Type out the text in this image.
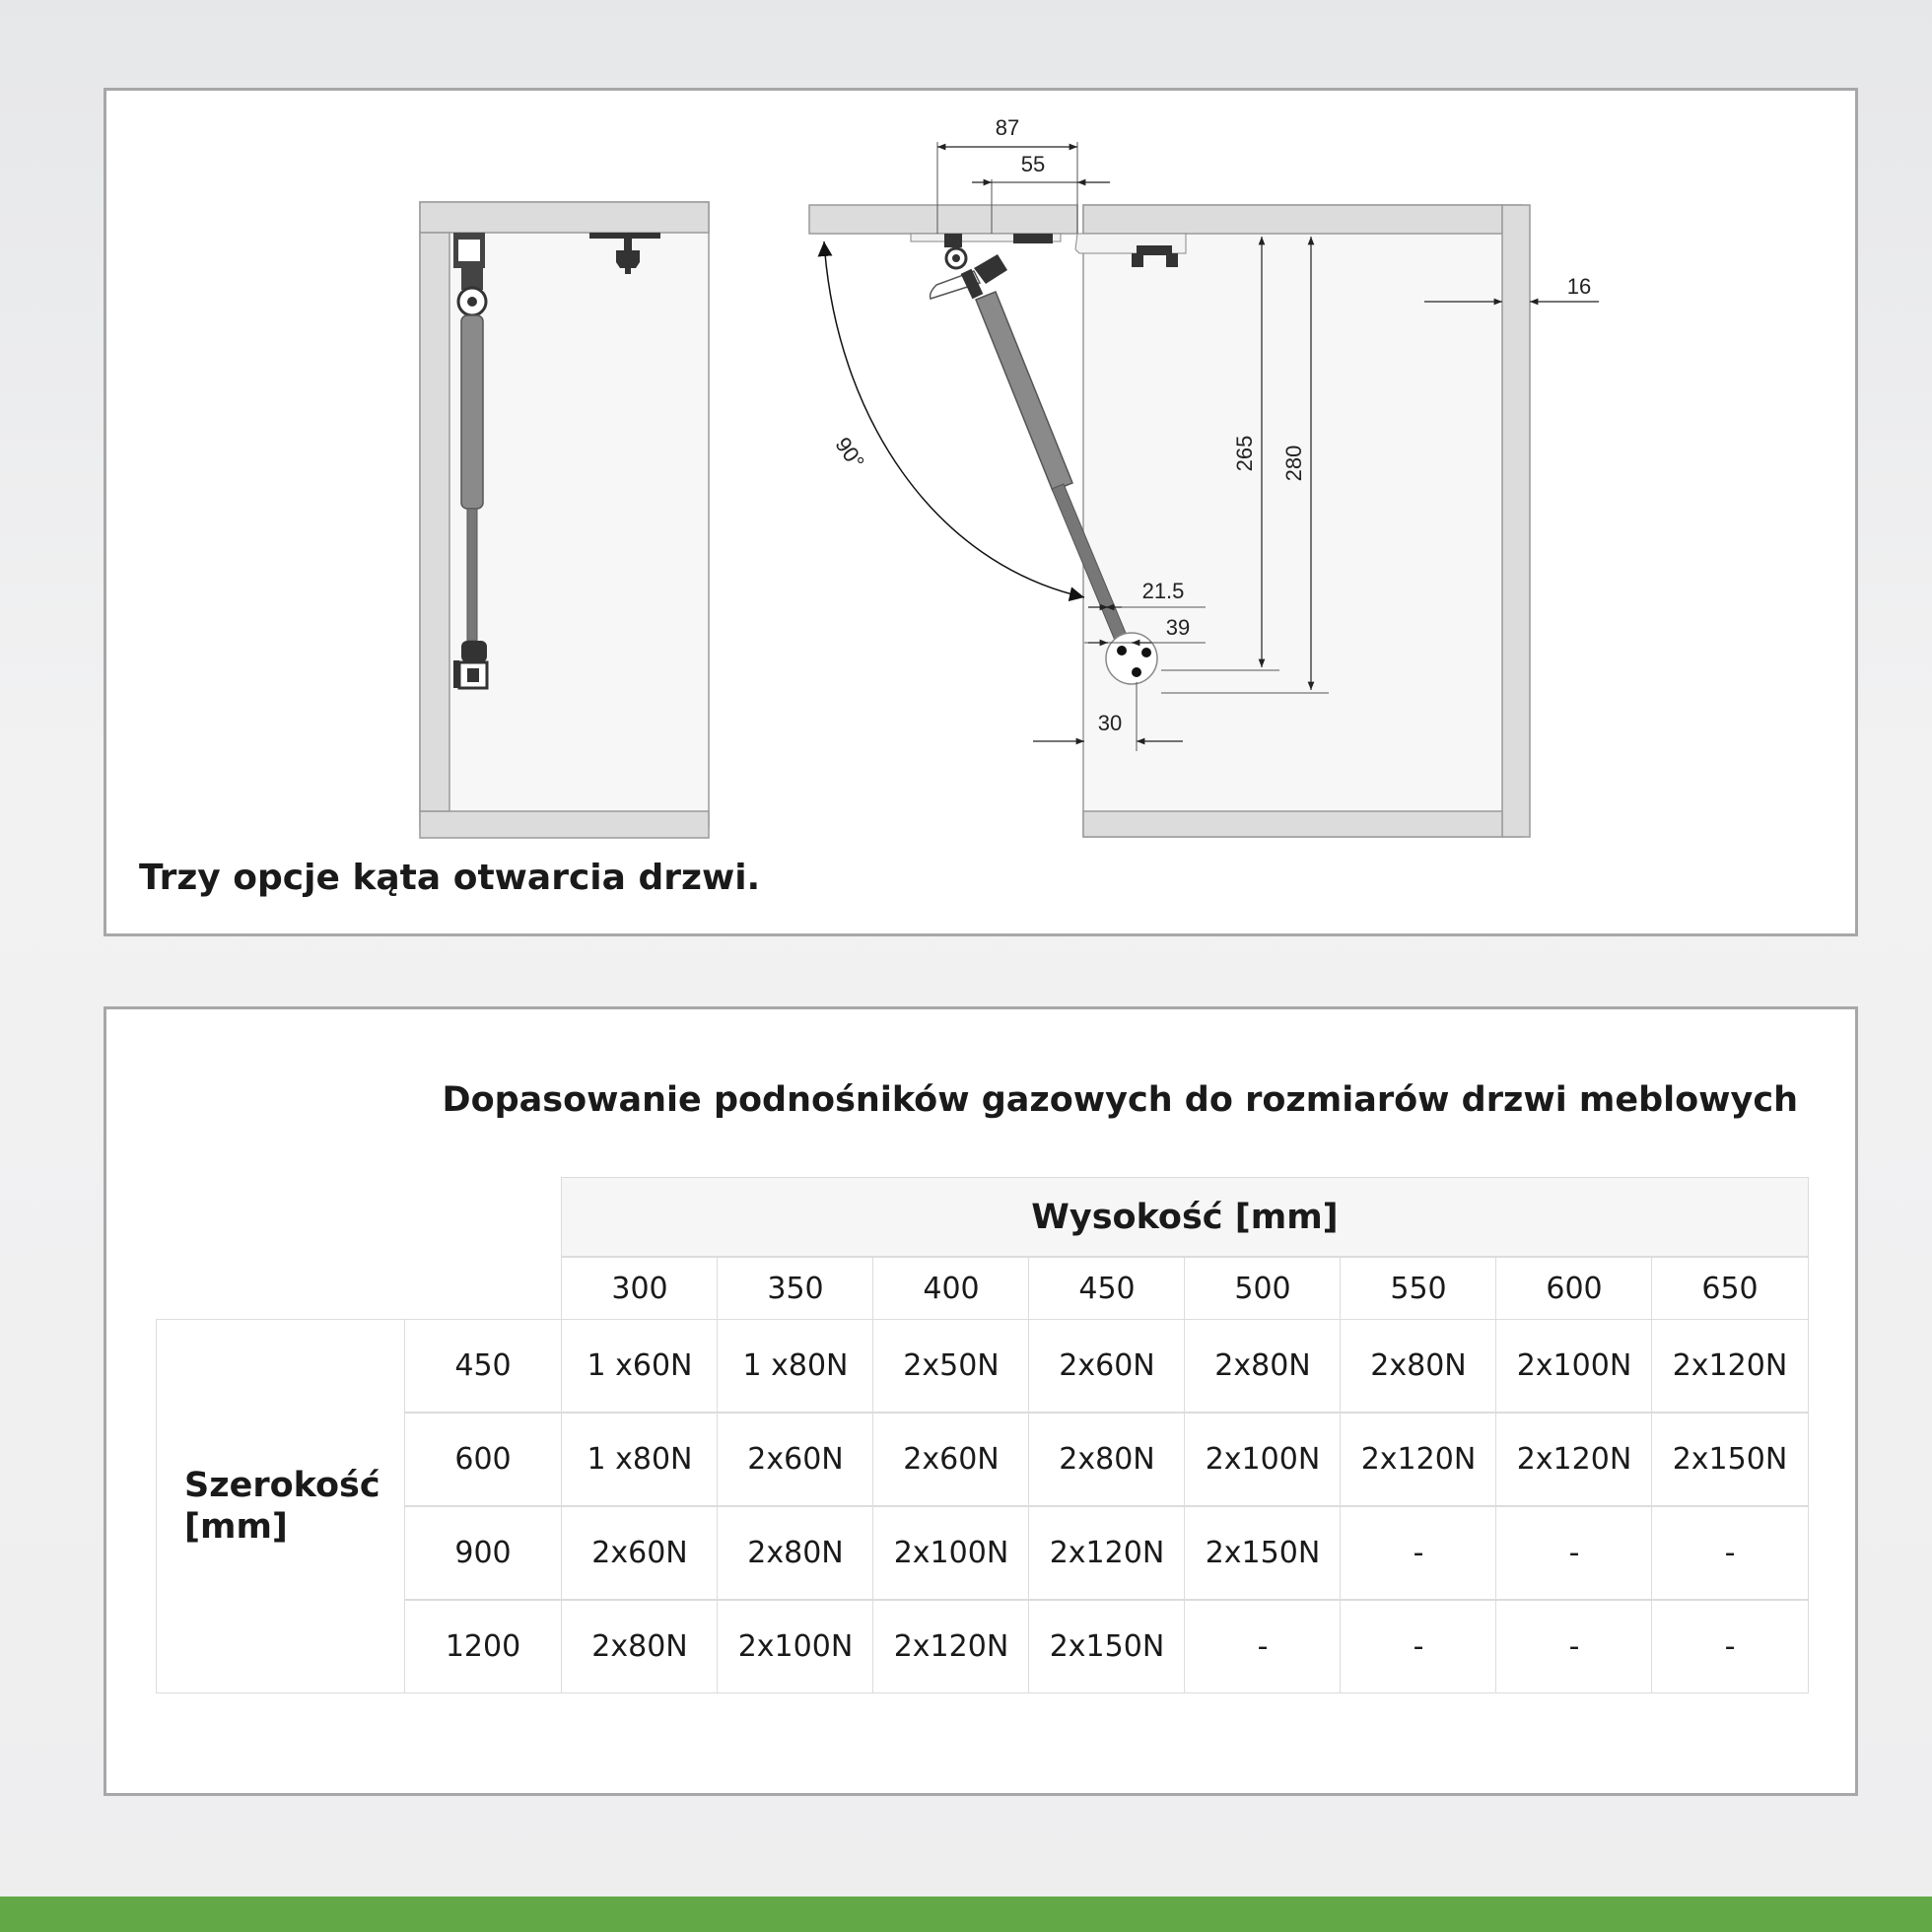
87
55
16
265 280
90°
21.5
39
30

Trzy opcje kąta otwarcia drzwi.

Dopasowanie podnośników gazowych do rozmiarów drzwi meblowych

Wysokość [mm]
Szerokość [mm]
300	350	400	450	500	550	600	650
450	1 x60N	1 x80N	2x50N	2x60N	2x80N	2x80N	2x100N	2x120N
600	1 x80N	2x60N	2x60N	2x80N	2x100N	2x120N	2x120N	2x150N
900	2x60N	2x80N	2x100N	2x120N	2x150N	-	-	-
1200	2x80N	2x100N	2x120N	2x150N	-	-	-	-
